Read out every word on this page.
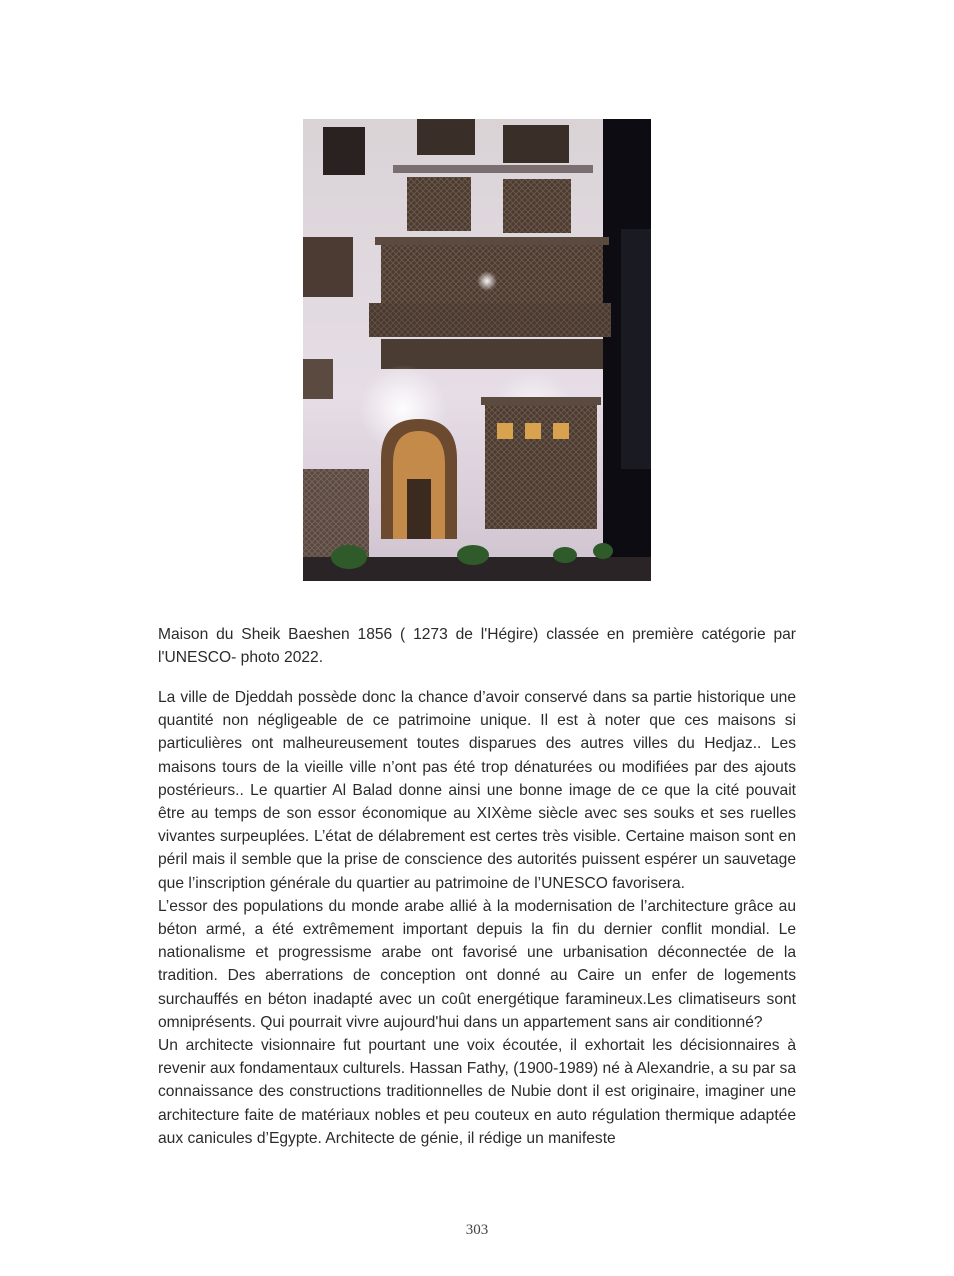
Maison du Sheik Baeshen 1856 ( 1273 de l'Hégire) classée en première catégorie par l'UNESCO- photo 2022.

La ville de Djeddah possède donc la chance d’avoir conservé dans sa partie historique une quantité non négligeable de ce patrimoine unique. Il est à noter que ces maisons si particulières ont malheureusement toutes disparues des autres villes du Hedjaz.. Les maisons tours de la vieille ville n’ont pas été trop dénaturées ou modifiées par des ajouts postérieurs.. Le quartier Al Balad donne ainsi une bonne image de ce que la cité pouvait être au temps de son essor économique au XIXème siècle avec ses souks et ses ruelles vivantes surpeuplées. L’état de délabrement est certes très visible. Certaine maison sont en péril mais il semble que la prise de conscience des autorités puissent espérer un sauvetage que l’inscription générale du quartier au patrimoine de l’UNESCO favorisera.

L’essor des populations du monde arabe allié à la modernisation de l’architecture grâce au béton armé, a été extrêmement important depuis la fin du dernier conflit mondial. Le nationalisme et progressisme arabe ont favorisé une urbanisation déconnectée de la tradition. Des aberrations de conception ont donné au Caire un enfer de logements surchauffés en béton inadapté avec un coût energétique faramineux.Les climatiseurs sont omniprésents. Qui pourrait vivre aujourd'hui dans un appartement sans air conditionné?

Un architecte visionnaire fut pourtant une voix écoutée, il exhortait les décisionnaires à revenir aux fondamentaux culturels. Hassan Fathy, (1900-1989) né à Alexandrie, a su par sa connaissance des constructions traditionnelles de Nubie dont il est originaire, imaginer une architecture faite de matériaux nobles et peu couteux en auto régulation thermique adaptée aux canicules d’Egypte. Architecte de génie, il rédige un manifeste

303
